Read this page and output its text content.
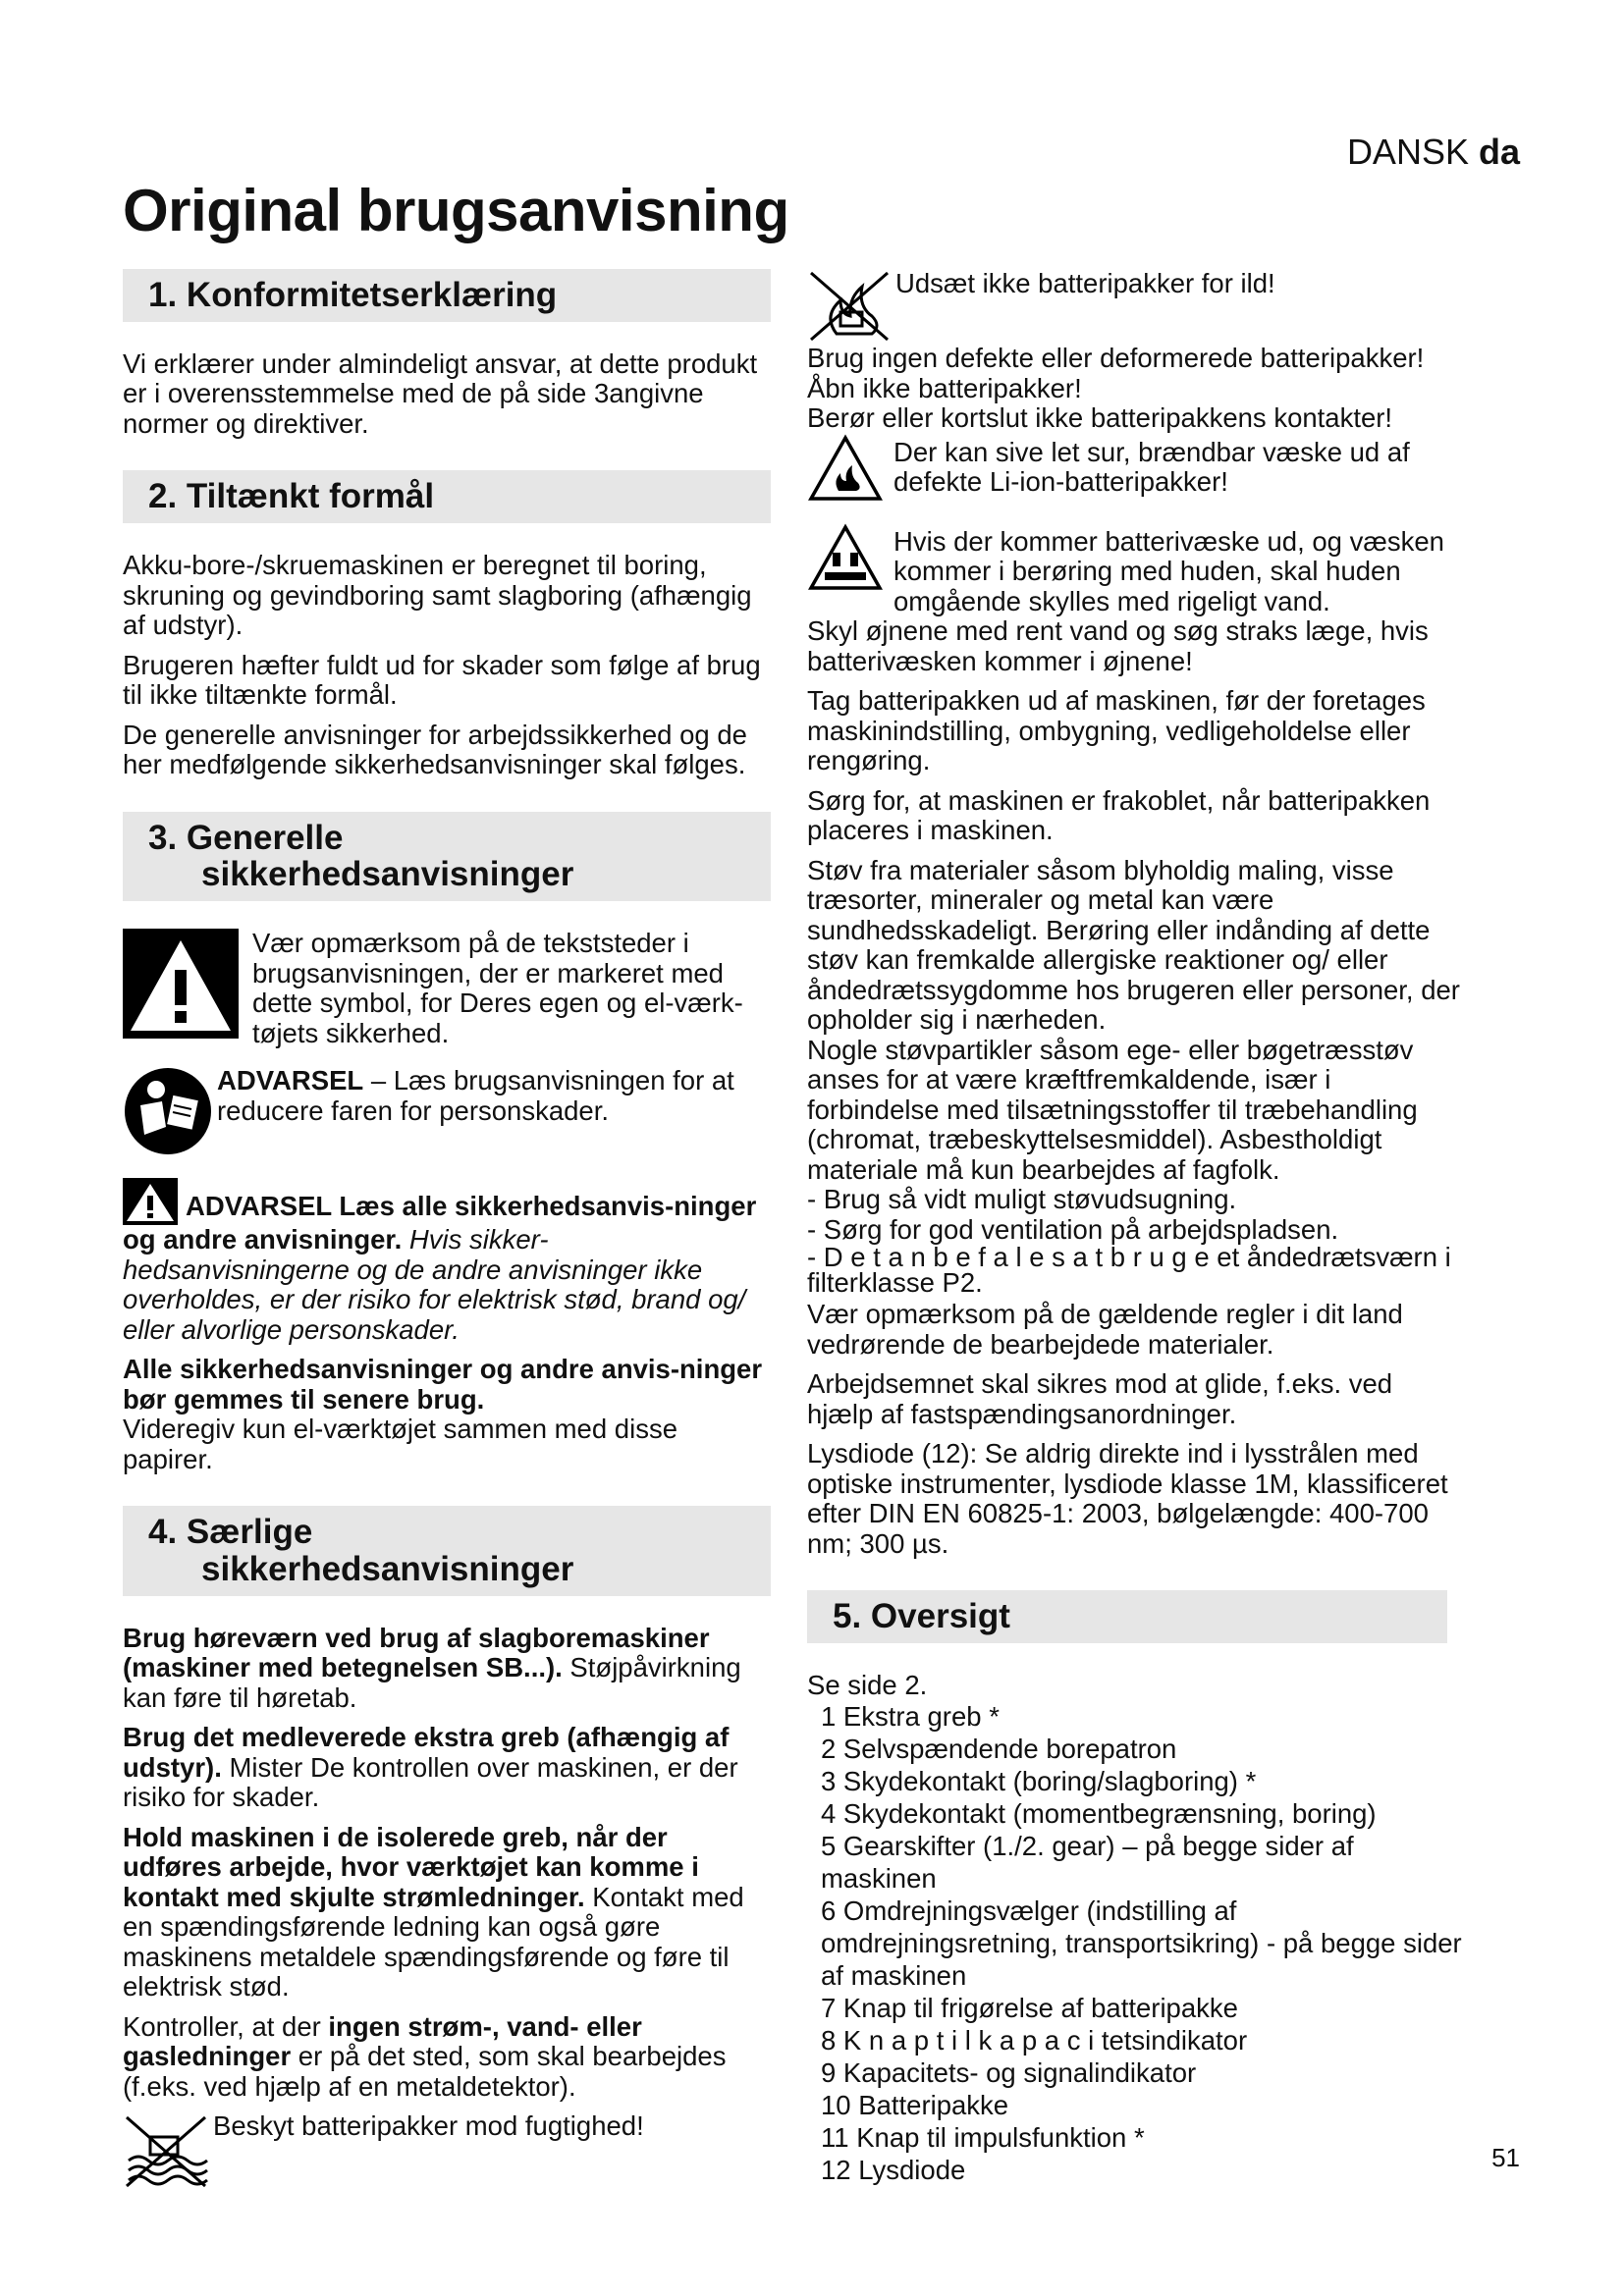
DANSK da
Original brugsanvisning
1. Konformitetserklæring

Vi erklærer under almindeligt ansvar, at dette produkt er i overensstemmelse med de på side 3angivne normer og direktiver.

2. Tiltænkt formål

Akku-bore-/skruemaskinen er beregnet til boring, skruning og gevindboring samt slagboring (afhængig af udstyr).

Brugeren hæfter fuldt ud for skader som følge af brug til ikke tiltænkte formål.

De generelle anvisninger for arbejdssikkerhed og de her medfølgende sikkerhedsanvisninger skal følges.

3. Generelle
sikkerhedsanvisninger

Vær opmærksom på de tekststeder i brugsanvisningen, der er markeret med dette symbol, for Deres egen og el-værk-tøjets sikkerhed.

ADVARSEL – Læs brugsanvisningen for at reducere faren for personskader.

ADVARSEL Læs alle sikkerhedsanvis-ninger og andre anvisninger. Hvis sikker-hedsanvisningerne og de andre anvisninger ikke overholdes, er der risiko for elektrisk stød, brand og/ eller alvorlige personskader.

Alle sikkerhedsanvisninger og andre anvis-ninger bør gemmes til senere brug.

Videregiv kun el-værktøjet sammen med disse papirer.

4. Særlige
sikkerhedsanvisninger

Brug høreværn ved brug af slagboremaskiner (maskiner med betegnelsen SB...). Støjpåvirkning kan føre til høretab.

Brug det medleverede ekstra greb (afhængig af udstyr). Mister De kontrollen over maskinen, er der risiko for skader.

Hold maskinen i de isolerede greb, når der udføres arbejde, hvor værktøjet kan komme i kontakt med skjulte strømledninger. Kontakt med en spændingsførende ledning kan også gøre maskinens metaldele spændingsførende og føre til elektrisk stød.

Kontroller, at der ingen strøm-, vand- eller gasledninger er på det sted, som skal bearbejdes (f.eks. ved hjælp af en metaldetektor).

Beskyt batteripakker mod fugtighed!

Udsæt ikke batteripakker for ild!

Brug ingen defekte eller deformerede batteripakker!

Åbn ikke batteripakker!

Berør eller kortslut ikke batteripakkens kontakter!

Der kan sive let sur, brændbar væske ud af defekte Li-ion-batteripakker!

Hvis der kommer batterivæske ud, og væsken kommer i berøring med huden, skal huden omgående skylles med rigeligt vand.

Skyl øjnene med rent vand og søg straks læge, hvis batterivæsken kommer i øjnene!

Tag batteripakken ud af maskinen, før der foretages maskinindstilling, ombygning, vedligeholdelse eller rengøring.

Sørg for, at maskinen er frakoblet, når batteripakken placeres i maskinen.

Støv fra materialer såsom blyholdig maling, visse træsorter, mineraler og metal kan være sundhedsskadeligt. Berøring eller indånding af dette støv kan fremkalde allergiske reaktioner og/ eller åndedrætssygdomme hos brugeren eller personer, der opholder sig i nærheden.

Nogle støvpartikler såsom ege- eller bøgetræsstøv anses for at være kræftfremkaldende, især i forbindelse med tilsætningsstoffer til træbehandling (chromat, træbeskyttelsesmiddel). Asbestholdigt materiale må kun bearbejdes af fagfolk.

- Brug så vidt muligt støvudsugning.

- Sørg for god ventilation på arbejdspladsen.

- D e t a n b e f a l e s a t b r u g e et åndedrætsværn i filterklasse P2.

Vær opmærksom på de gældende regler i dit land vedrørende de bearbejdede materialer.

Arbejdsemnet skal sikres mod at glide, f.eks. ved hjælp af fastspændingsanordninger.

Lysdiode (12): Se aldrig direkte ind i lysstrålen med optiske instrumenter, lysdiode klasse 1M, klassificeret efter DIN EN 60825-1: 2003, bølgelængde: 400-700 nm; 300 µs.

5. Oversigt

Se side 2.

1 Ekstra greb *
2 Selvspændende borepatron
3 Skydekontakt (boring/slagboring) *
4 Skydekontakt (momentbegrænsning, boring)
5 Gearskifter (1./2. gear) – på begge sider af maskinen
6 Omdrejningsvælger (indstilling af omdrejningsretning, transportsikring) - på begge sider af maskinen
7 Knap til frigørelse af batteripakke
8 K n a p t i l k a p a c i tetsindikator
9 Kapacitets- og signalindikator
10 Batteripakke
11 Knap til impulsfunktion *
12 Lysdiode	51
